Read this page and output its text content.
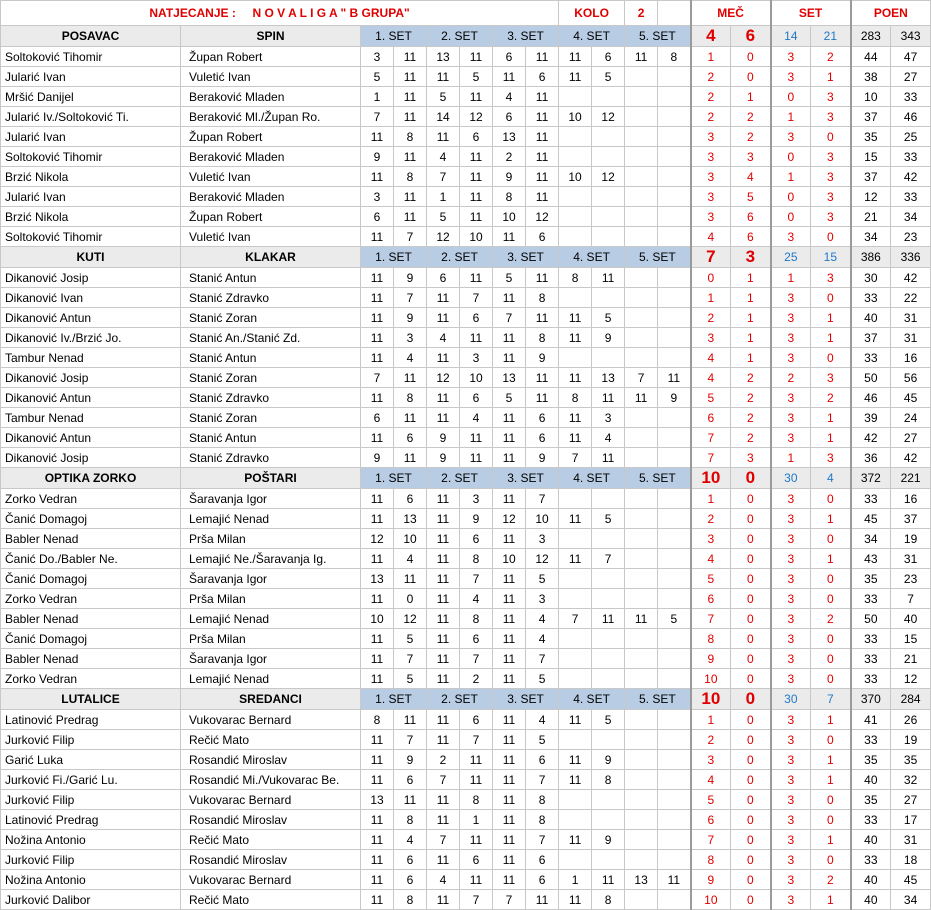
NATJECANJE : N O V A L I G A " B GRUPA"								KOLO		2		MEČ		SET		POEN	
POSAVAC	SPIN	1. SET		2. SET		3. SET		4. SET		5. SET		4	6	14	21	283	343
Soltoković Tihomir	Župan Robert	3	11	13	11	6	11	11	6	11	8	1	0	3	2	44	47
Jularić Ivan	Vuletić Ivan	5	11	11	5	11	6	11	5			2	0	3	1	38	27
Mršić Danijel	Beraković Mladen	1	11	5	11	4	11					2	1	0	3	10	33
Jularić Iv./Soltoković Ti.	Beraković Ml./Župan Ro.	7	11	14	12	6	11	10	12			2	2	1	3	37	46
Jularić Ivan	Župan Robert	11	8	11	6	13	11					3	2	3	0	35	25
Soltoković Tihomir	Beraković Mladen	9	11	4	11	2	11					3	3	0	3	15	33
Brzić Nikola	Vuletić Ivan	11	8	7	11	9	11	10	12			3	4	1	3	37	42
Jularić Ivan	Beraković Mladen	3	11	1	11	8	11					3	5	0	3	12	33
Brzić Nikola	Župan Robert	6	11	5	11	10	12					3	6	0	3	21	34
Soltoković Tihomir	Vuletić Ivan	11	7	12	10	11	6					4	6	3	0	34	23
KUTI	KLAKAR	1. SET		2. SET		3. SET		4. SET		5. SET		7	3	25	15	386	336
Dikanović Josip	Stanić Antun	11	9	6	11	5	11	8	11			0	1	1	3	30	42
Dikanović Ivan	Stanić Zdravko	11	7	11	7	11	8					1	1	3	0	33	22
Dikanović Antun	Stanić Zoran	11	9	11	6	7	11	11	5			2	1	3	1	40	31
Dikanović Iv./Brzić Jo.	Stanić An./Stanić Zd.	11	3	4	11	11	8	11	9			3	1	3	1	37	31
Tambur Nenad	Stanić Antun	11	4	11	3	11	9					4	1	3	0	33	16
Dikanović Josip	Stanić Zoran	7	11	12	10	13	11	11	13	7	11	4	2	2	3	50	56
Dikanović Antun	Stanić Zdravko	11	8	11	6	5	11	8	11	11	9	5	2	3	2	46	45
Tambur Nenad	Stanić Zoran	6	11	11	4	11	6	11	3			6	2	3	1	39	24
Dikanović Antun	Stanić Antun	11	6	9	11	11	6	11	4			7	2	3	1	42	27
Dikanović Josip	Stanić Zdravko	9	11	9	11	11	9	7	11			7	3	1	3	36	42
OPTIKA ZORKO	POŠTARI	1. SET		2. SET		3. SET		4. SET		5. SET		10	0	30	4	372	221
Zorko Vedran	Šaravanja Igor	11	6	11	3	11	7					1	0	3	0	33	16
Čanić Domagoj	Lemajić Nenad	11	13	11	9	12	10	11	5			2	0	3	1	45	37
Babler Nenad	Prša Milan	12	10	11	6	11	3					3	0	3	0	34	19
Čanić Do./Babler Ne.	Lemajić Ne./Šaravanja Ig.	11	4	11	8	10	12	11	7			4	0	3	1	43	31
Čanić Domagoj	Šaravanja Igor	13	11	11	7	11	5					5	0	3	0	35	23
Zorko Vedran	Prša Milan	11	0	11	4	11	3					6	0	3	0	33	7
Babler Nenad	Lemajić Nenad	10	12	11	8	11	4	7	11	11	5	7	0	3	2	50	40
Čanić Domagoj	Prša Milan	11	5	11	6	11	4					8	0	3	0	33	15
Babler Nenad	Šaravanja Igor	11	7	11	7	11	7					9	0	3	0	33	21
Zorko Vedran	Lemajić Nenad	11	5	11	2	11	5					10	0	3	0	33	12
LUTALICE	SREDANCI	1. SET		2. SET		3. SET		4. SET		5. SET		10	0	30	7	370	284
Latinović Predrag	Vukovarac Bernard	8	11	11	6	11	4	11	5			1	0	3	1	41	26
Jurković Filip	Rečić Mato	11	7	11	7	11	5					2	0	3	0	33	19
Garić Luka	Rosandić Miroslav	11	9	2	11	11	6	11	9			3	0	3	1	35	35
Jurković Fi./Garić Lu.	Rosandić Mi./Vukovarac Be.	11	6	7	11	11	7	11	8			4	0	3	1	40	32
Jurković Filip	Vukovarac Bernard	13	11	11	8	11	8					5	0	3	0	35	27
Latinović Predrag	Rosandić Miroslav	11	8	11	1	11	8					6	0	3	0	33	17
Nožina Antonio	Rečić Mato	11	4	7	11	11	7	11	9			7	0	3	1	40	31
Jurković Filip	Rosandić Miroslav	11	6	11	6	11	6					8	0	3	0	33	18
Nožina Antonio	Vukovarac Bernard	11	6	4	11	11	6	1	11	13	11	9	0	3	2	40	45
Jurković Dalibor	Rečić Mato	11	8	11	7	7	11	11	8			10	0	3	1	40	34
